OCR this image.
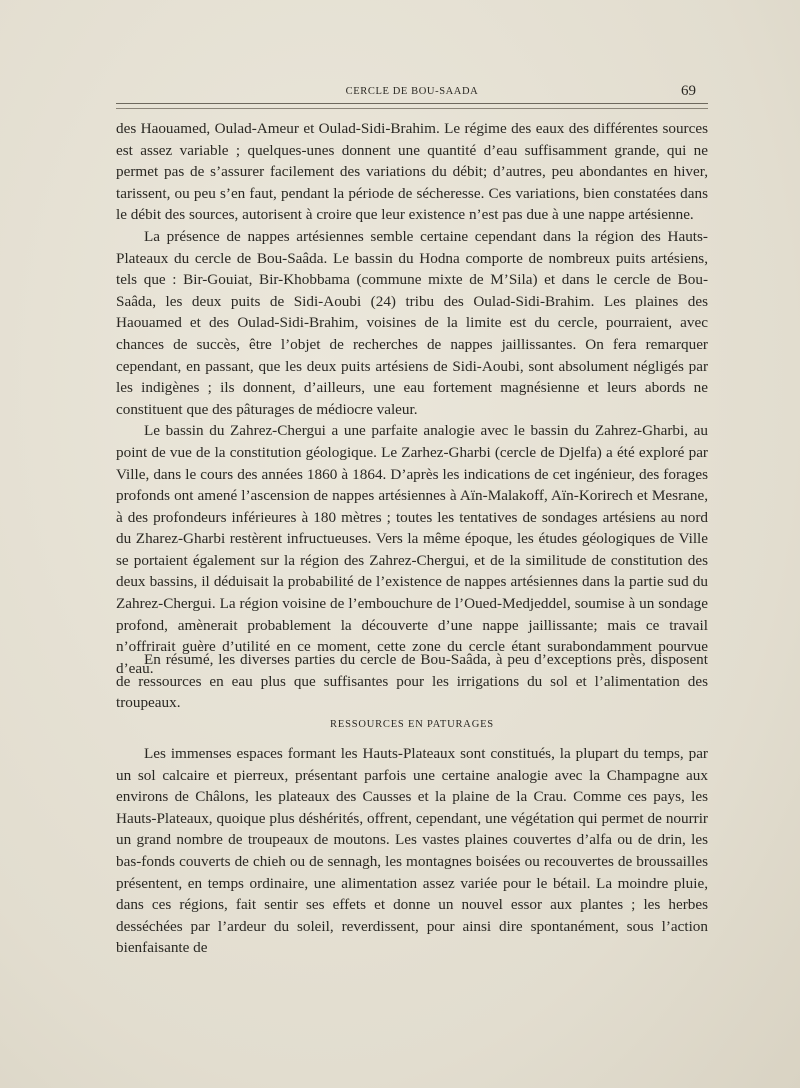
CERCLE DE BOU-SAADA	69

des Haouamed, Oulad-Ameur et Oulad-Sidi-Brahim. Le régime des eaux des différentes sources est assez variable ; quelques-unes donnent une quantité d’eau suffisamment grande, qui ne permet pas de s’assurer facilement des variations du débit; d’autres, peu abondantes en hiver, tarissent, ou peu s’en faut, pendant la période de sécheresse. Ces variations, bien constatées dans le débit des sources, autorisent à croire que leur existence n’est pas due à une nappe artésienne.

La présence de nappes artésiennes semble certaine cependant dans la région des Hauts-Plateaux du cercle de Bou-Saâda. Le bassin du Hodna comporte de nombreux puits artésiens, tels que : Bir-Gouiat, Bir-Khobbama (commune mixte de M’Sila) et dans le cercle de Bou-Saâda, les deux puits de Sidi-Aoubi (24) tribu des Oulad-Sidi-Brahim. Les plaines des Haouamed et des Oulad-Sidi-Brahim, voisines de la limite est du cercle, pourraient, avec chances de succès, être l’objet de recherches de nappes jaillissantes. On fera remarquer cependant, en passant, que les deux puits artésiens de Sidi-Aoubi, sont absolument négligés par les indigènes ; ils donnent, d’ailleurs, une eau fortement magnésienne et leurs abords ne constituent que des pâturages de médiocre valeur.

Le bassin du Zahrez-Chergui a une parfaite analogie avec le bassin du Zahrez-Gharbi, au point de vue de la constitution géologique. Le Zarhez-Gharbi (cercle de Djelfa) a été exploré par Ville, dans le cours des années 1860 à 1864. D’après les indications de cet ingénieur, des forages profonds ont amené l’ascension de nappes artésiennes à Aïn-Malakoff, Aïn-Korirech et Mesrane, à des profondeurs inférieures à 180 mètres ; toutes les tentatives de sondages artésiens au nord du Zharez-Gharbi restèrent infructueuses. Vers la même époque, les études géologiques de Ville se portaient également sur la région des Zahrez-Chergui, et de la similitude de constitution des deux bassins, il déduisait la probabilité de l’existence de nappes artésiennes dans la partie sud du Zahrez-Chergui. La région voisine de l’embouchure de l’Oued-Medjeddel, soumise à un sondage profond, amènerait probablement la découverte d’une nappe jaillissante; mais ce travail n’offrirait guère d’utilité en ce moment, cette zone du cercle étant surabondamment pourvue d’eau.

En résumé, les diverses parties du cercle de Bou-Saâda, à peu d’exceptions près, disposent de ressources en eau plus que suffisantes pour les irrigations du sol et l’alimentation des troupeaux.

RESSOURCES EN PATURAGES

Les immenses espaces formant les Hauts-Plateaux sont constitués, la plupart du temps, par un sol calcaire et pierreux, présentant parfois une certaine analogie avec la Champagne aux environs de Châlons, les plateaux des Causses et la plaine de la Crau. Comme ces pays, les Hauts-Plateaux, quoique plus déshérités, offrent, cependant, une végétation qui permet de nourrir un grand nombre de troupeaux de moutons. Les vastes plaines couvertes d’alfa ou de drin, les bas-fonds couverts de chieh ou de sennagh, les montagnes boisées ou recouvertes de broussailles présentent, en temps ordinaire, une alimentation assez variée pour le bétail. La moindre pluie, dans ces régions, fait sentir ses effets et donne un nouvel essor aux plantes ; les herbes desséchées par l’ardeur du soleil, reverdissent, pour ainsi dire spontanément, sous l’action bienfaisante de
